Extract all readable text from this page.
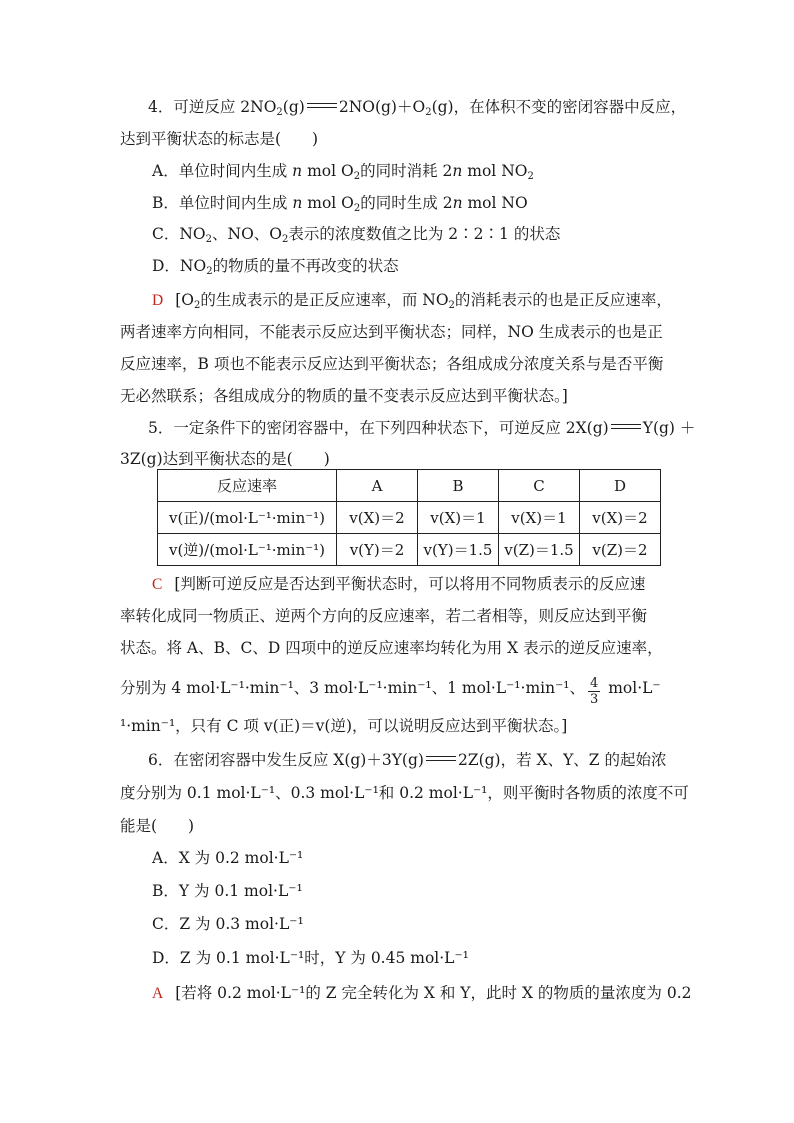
4．可逆反应 $2NO_2(g)$ $2NO(g)+O_2(g)$，在体积不变的密闭容器中反应，
达到平衡状态的标志是(　　)
A．单位时间内生成 n mol $O_2$的同时消耗 2n mol $NO_2$
B．单位时间内生成 n mol $O_2$的同时生成 2n mol NO
C．$NO_2$、NO、$O_2$表示的浓度数值之比为 2∶2∶1 的状态
D．$NO_2$的物质的量不再改变的状态
D [$O_2$的生成表示的是正反应速率，而 $NO_2$的消耗表示的也是正反应速率，
两者速率方向相同，不能表示反应达到平衡状态；同样，NO 生成表示的也是正
反应速率，B 项也不能表示反应达到平衡状态；各组成成分浓度关系与是否平衡
无必然联系；各组成成分的物质的量不变表示反应达到平衡状态。]
5．一定条件下的密闭容器中，在下列四种状态下，可逆反应 2X(g) Y(g) ＋
3Z(g)达到平衡状态的是(　　)
反应速率	A	B	C	D
v(正)/(mol·L⁻¹·min⁻¹)	v(X)＝2	v(X)＝1	v(X)＝1	v(X)＝2
v(逆)/(mol·L⁻¹·min⁻¹)	v(Y)＝2	v(Y)＝1.5	v(Z)＝1.5	v(Z)＝2
C [判断可逆反应是否达到平衡状态时，可以将用不同物质表示的反应速
率转化成同一物质正、逆两个方向的反应速率，若二者相等，则反应达到平衡
状态。将 A、B、C、D 四项中的逆反应速率均转化为用 X 表示的逆反应速率，
分别为 4 mol·L⁻¹·min⁻¹、3 mol·L⁻¹·min⁻¹、1 mol·L⁻¹·min⁻¹、 $\frac{4}{3} mol\cdot L^-$
¹·min⁻¹，只有 C 项 v(正)＝v(逆)，可以说明反应达到平衡状态。]
6．在密闭容器中发生反应 X(g)＋3Y(g) 2Z(g)，若 X、Y、Z 的起始浓
度分别为 0.1 mol·L⁻¹、0.3 mol·L⁻¹和 0.2 mol·L⁻¹，则平衡时各物质的浓度不可
能是(　　)
A．X 为 0.2 mol·L⁻¹
B．Y 为 0.1 mol·L⁻¹
C．Z 为 0.3 mol·L⁻¹
D．Z 为 0.1 mol·L⁻¹时，Y 为 0.45 mol·L⁻¹
A [若将 0.2 mol·L⁻¹的 Z 完全转化为 X 和 Y，此时 X 的物质的量浓度为 0.2
